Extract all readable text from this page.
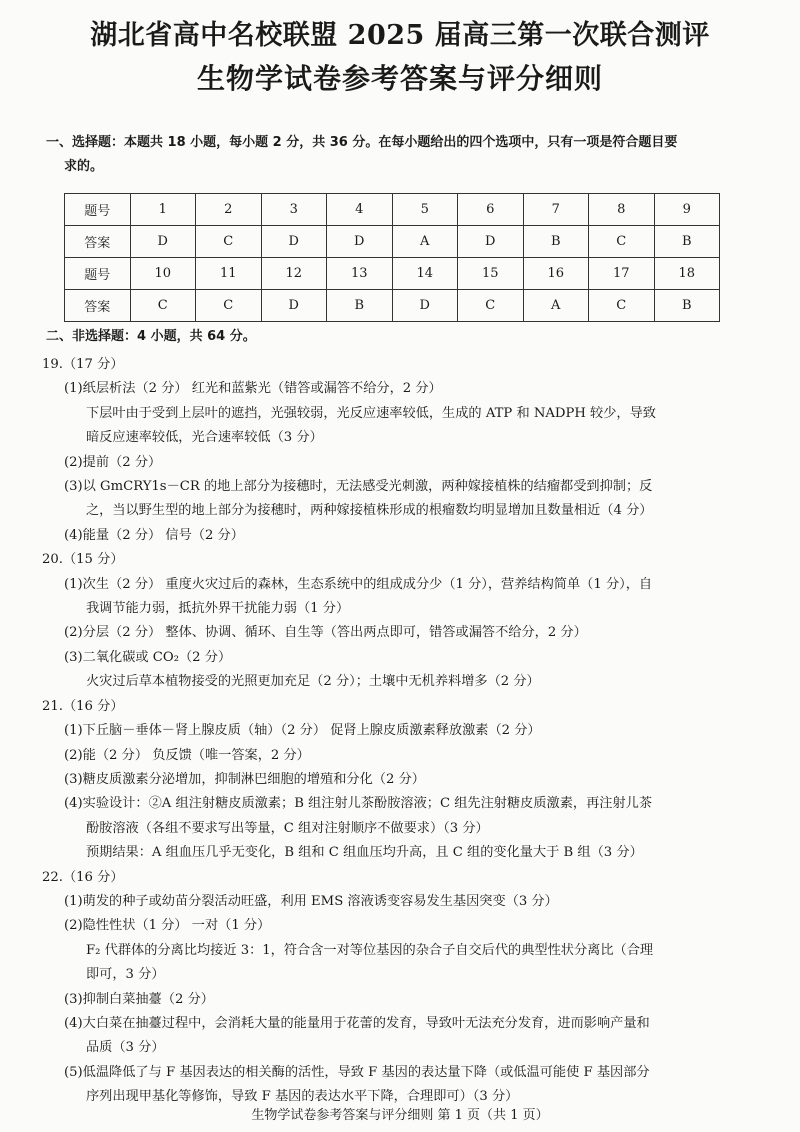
湖北省高中名校联盟 2025 届高三第一次联合测评
生物学试卷参考答案与评分细则
一、选择题：本题共 18 小题，每小题 2 分，共 36 分。在每小题给出的四个选项中，只有一项是符合题目要
求的。
题号	1	2	3	4	5	6	7	8	9
答案	D	C	D	D	A	D	B	C	B
题号	10	11	12	13	14	15	16	17	18
答案	C	C	D	B	D	C	A	C	B
二、非选择题：4 小题，共 64 分。
19.（17 分）
(1)纸层析法（2 分） 红光和蓝紫光（错答或漏答不给分，2 分）
下层叶由于受到上层叶的遮挡，光强较弱，光反应速率较低，生成的 ATP 和 NADPH 较少，导致
暗反应速率较低，光合速率较低（3 分）
(2)提前（2 分）
(3)以 GmCRY1s－CR 的地上部分为接穗时，无法感受光刺激，两种嫁接植株的结瘤都受到抑制；反
之，当以野生型的地上部分为接穗时，两种嫁接植株形成的根瘤数均明显增加且数量相近（4 分）
(4)能量（2 分） 信号（2 分）
20.（15 分）
(1)次生（2 分） 重度火灾过后的森林，生态系统中的组成成分少（1 分），营养结构简单（1 分），自
我调节能力弱，抵抗外界干扰能力弱（1 分）
(2)分层（2 分） 整体、协调、循环、自生等（答出两点即可，错答或漏答不给分，2 分）
(3)二氧化碳或 CO₂（2 分）
火灾过后草本植物接受的光照更加充足（2 分）；土壤中无机养料增多（2 分）
21.（16 分）
(1)下丘脑－垂体－肾上腺皮质（轴）（2 分） 促肾上腺皮质激素释放激素（2 分）
(2)能（2 分） 负反馈（唯一答案，2 分）
(3)糖皮质激素分泌增加，抑制淋巴细胞的增殖和分化（2 分）
(4)实验设计：②A 组注射糖皮质激素；B 组注射儿茶酚胺溶液；C 组先注射糖皮质激素，再注射儿茶
酚胺溶液（各组不要求写出等量，C 组对注射顺序不做要求）（3 分）
预期结果：A 组血压几乎无变化，B 组和 C 组血压均升高，且 C 组的变化量大于 B 组（3 分）
22.（16 分）
(1)萌发的种子或幼苗分裂活动旺盛，利用 EMS 溶液诱变容易发生基因突变（3 分）
(2)隐性性状（1 分） 一对（1 分）
F₂ 代群体的分离比均接近 3：1，符合含一对等位基因的杂合子自交后代的典型性状分离比（合理
即可，3 分）
(3)抑制白菜抽薹（2 分）
(4)大白菜在抽薹过程中，会消耗大量的能量用于花蕾的发育，导致叶无法充分发育，进而影响产量和
品质（3 分）
(5)低温降低了与 F 基因表达的相关酶的活性，导致 F 基因的表达量下降（或低温可能使 F 基因部分
序列出现甲基化等修饰，导致 F 基因的表达水平下降，合理即可）（3 分）
生物学试卷参考答案与评分细则 第 1 页（共 1 页）
